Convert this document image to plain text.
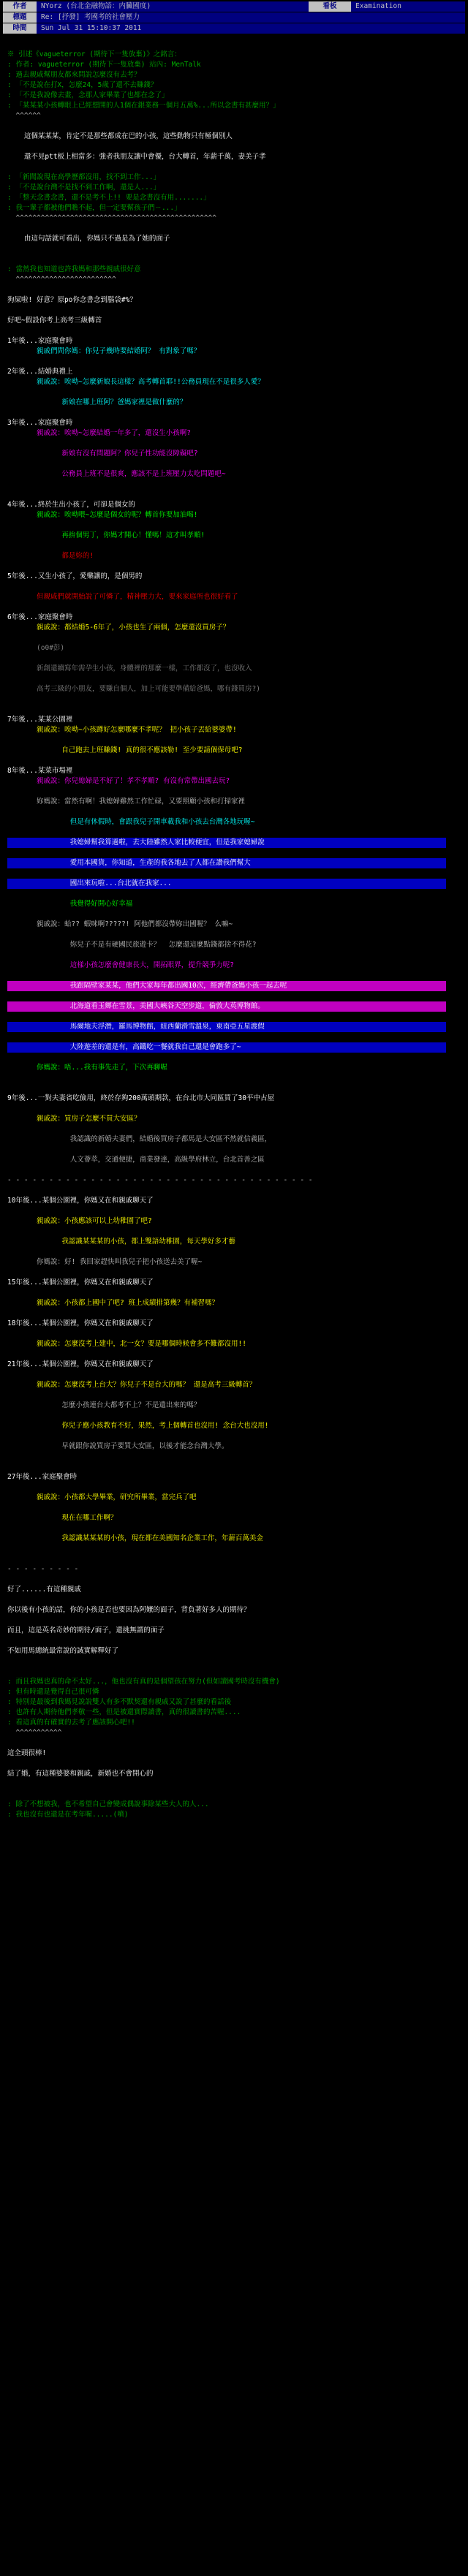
作者	NYorz (台北金融物語：内臟國度)	看板	Examination
標題	Re: [抒發] 考國考的社會壓力
時間	Sun Jul 31 15:10:37 2011
※ 引述《vagueterror (期待下一隻放棄)》之銘言：
: 作者: vagueterror (期待下一隻放棄) 站內: MenTalk
: 過去親戚幫朋友都來問說怎麼沒有去考？
: 「不是說在打X，怎麼24，5歲了還不去賺錢？
: 「不是我說像去畫，念那人家畢業了也都在念了」
: 「某某某小孩轉眼上已經想開的人1個在銀業務一個月五萬%...所以念書有甚麼用？」
^^^^^^
這個某某某，肯定不是那些都成在巴的小孩，這些動物只有極個別人
還不見ptt板上相當多：強者我朋友讓中會優，台大轉首，年薪千萬，妻美子孝
: 「新聞說現在高學歷都沒用，找不到工作...」
: 「不是說台灣不是找不到工作啊，還是人...」
: 「整天念書念書，還不是考不上!! 要是念書沒有用.......」
: 我一輩子都被他們瞧不起，但一定要幫孩子們ㄧ...」
^^^^^^^^^^^^^^^^^^^^^^^^^^^^^^^^^^^^^^^^^^^^^^^^
由這句話就可看出，你媽只不過是為了她的面子
: 當然我也知道也許我媽和那些親戚很好意
^^^^^^^^^^^^^^^^^^^^^^^^
狗屎啦! 好意？原po你念書念到腦袋#%？
好吧~假設你考上高考三級轉首
1年後...家庭聚會時
親戚們問你媽：你兒子幾時要結婚阿？ 有對象了嗎？
2年後...結婚典禮上
親戚說：唉呦~怎麼新娘長這樣？高考轉首耶!!公務員現在不是很多人愛？
新娘在哪上班阿？爸媽家裡是做什麼的？
3年後...家庭聚會時
親戚說：唉呦~怎麼結婚一年多了，還沒生小孩啊?
新娘有沒有問題阿？你兒子性功能沒障礙吧?
公務員上班不是很爽，應該不是上班壓力太吃問題吧~
4年後...終於生出小孩了，可卻是個女的
親戚說：唉呦喂~怎麼是個女的呢？轉首你要加油喝!
再拚個男丁，你媽才開心！懂嗎！這才叫孝順!
都是妳的!
5年後...又生小孩了，愛樂讓的，是個男的
但親戚們就開始說了可憐了，精神壓力大，要來家庭所也很好看了
6年後...家庭聚會時
親戚說：都結婚5-6年了，小孩也生了兩個，怎麼還沒買房子？
(o0#彭)
新創還續寫年需孕生小孩，身體裡的那麼一樣，工作都沒了，也沒收入
高考三級的小朋友，要賺自個人，加上可能要準備給爸媽，哪有錢買房?)
7年後...某某公園裡
親戚說：唉呦~小孩蹲好怎麼哪麼不孝呢？ 把小孩子丟給婆婆帶!
自己跑去上班賺錢! 真的很不應該勒! 至少要請個保母吧?
8年後...某菜市場裡
親戚說：你兒媳婦是不好了！孝不孝順? 有沒有常帶出國去玩?
妳媽說：當然有啊！我媳婦雖然工作忙碌，又要照顧小孩和打掃家裡
但是有休假時，會跟我兒子開車載我和小孩去台灣各地玩喔~
我媳婦幫我算過啦，去大陸雖然人家比較便宜，但是我家媳婦說
愛用本國貨，你知道，生產的我各地去了人都在讚我們幫大
國出來玩啦...台北就在我家...
我覺得好開心好幸福
親戚說：蛤?? 蝦咪啊?????! 阿他們都沒帶妳出國喔？ 么嘛~
妳兒子不是有硬國民旅遊卡？  怎麼還這麼點錢都捨不得花?
這樣小孩怎麼會健康長大，開拓眼界，提升競爭力呢?
我跟隔壁家某某，他們大家每年都出國10次，經濟帶爸媽小孩一起去呢
北海道看玉鄉在雪景，美國大峽谷天空步道，倫敦大英博物館。
馬爾地夫浮潛，羅馬博物館，紐西蘭滑雪溫泉，東南亞五星渡假
大陸遊差的還是有，高鐵吃一餐就我自己還是會跑多了~
你媽說：唔...我有事先走了，下次再聊喔
9年後...一對夫妻省吃儉用，終於存夠200萬頭期款，在台北市大同區買了30平中古屋
親戚說：買房子怎麼不買大安區？
我認識的新婚夫妻們，結婚後買房子都馬是大安區不然就信義區，
人文薈萃，交通便捷，商業發達，高級學府林立，台北首善之區
- - - - - - - - - - - - - - - - - - - - - - - - - - - - - - - - - - - - -
10年後...某個公園裡，你媽又在和親戚聊天了
親戚說：小孩應該可以上幼稚園了吧?
我認識某某某的小孩，都上雙語幼稚園，每天學好多才藝
你媽說：好! 我回家趕快叫我兒子把小孩送去美了喔~
15年後...某個公園裡，你媽又在和親戚聊天了
親戚說：小孩都上國中了吧? 班上成績排第幾？有補習嗎？
18年後...某個公園裡，你媽又在和親戚聊天了
親戚說：怎麼沒考上建中，北一女？要是哪個時候會多不難都沒用!!
21年後...某個公園裡，你媽又在和親戚聊天了
親戚說：怎麼沒考上台大？你兒子不是台大的嗎？ 還是高考三級轉首？
怎麼小孩連台大都考不上？不是遺出來的嗎？
你兒子應小孩教育不好，果然，考上個轉首也沒用! 念台大也沒用!
早就跟你說買房子要買大安區，以後才能念台灣大學。
27年後...家庭聚會時
親戚說：小孩都大學畢業，研究所畢業，當完兵了吧
現在在哪工作啊？
我認識某某某的小孩，現在都在美國知名企業工作，年薪百萬美金
- - - - - - - - -
好了......有這種親戚
你以後有小孩的話，你的小孩是否也要因為阿嬤的面子，背負著好多人的期待？
而且，這是英名奇妙的期待/面子，還挑無謂的面子
不如用馬總統最常說的誠實解釋好了
: 而且我媽也真的命不太好...，他也沒有真的是個望孩在努力(但如讀國考時沒有機會)
: 但有時還是覺得自己很可憐
: 特別是最後到我媽見說說雙人有多不默契還有親戚又說了甚麼的看話後
: 也許有人期待他們孝敬一些，但是被還實際讀書，真的很讀書的苦喔....
: 看這真的有確實的去考了應該開心吧!!
^^^^^^^^^^^
這全頭很棒!
結了婚，有這種婆婆和親戚，新婚也不會開心的
: 除了不想被我，也不希望自己會變成偶說事除某些大人的人...
: 我也沒有也還是在考年喔.....(噴)
